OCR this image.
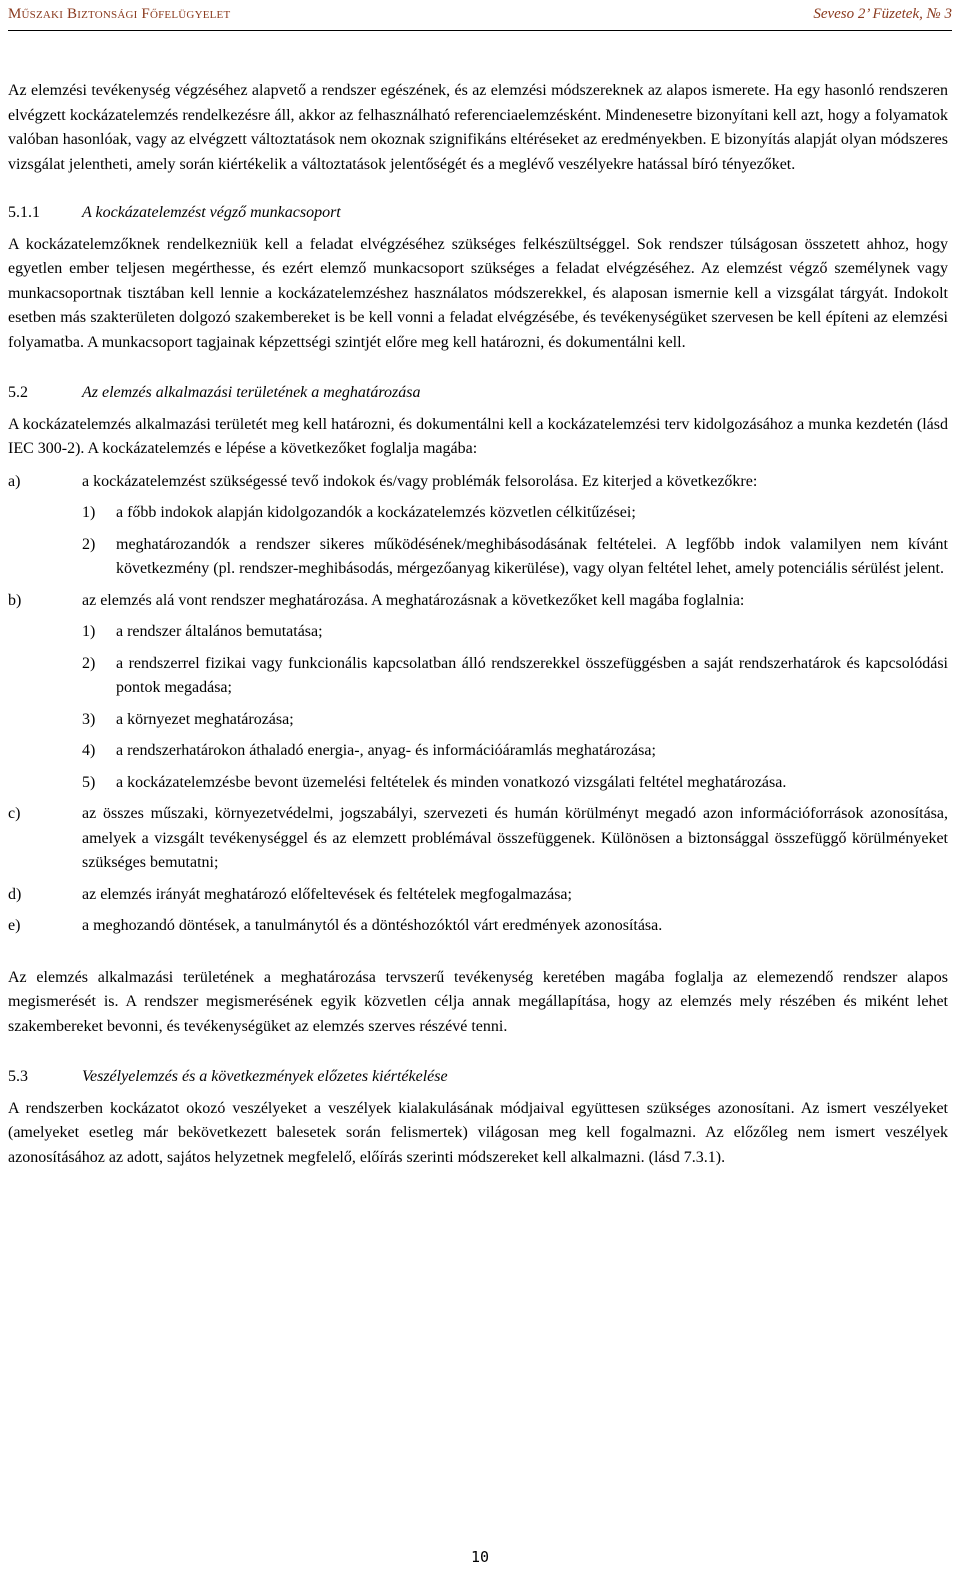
Műszaki Biztonsági Főfelügyelet	Seveso 2’ Füzetek, № 3

Az elemzési tevékenység végzéséhez alapvető a rendszer egészének, és az elemzési módszereknek az alapos ismerete. Ha egy hasonló rendszeren elvégzett kockázatelemzés rendelkezésre áll, akkor az felhasználható referenciaelemzésként. Mindenesetre bizonyítani kell azt, hogy a folyamatok valóban hasonlóak, vagy az elvégzett változtatások nem okoznak szignifikáns eltéréseket az eredményekben. E bizonyítás alapját olyan módszeres vizsgálat jelentheti, amely során kiértékelik a változtatások jelentőségét és a meglévő veszélyekre hatással bíró tényezőket.

5.1.1	A kockázatelemzést végző munkacsoport

A kockázatelemzőknek rendelkezniük kell a feladat elvégzéséhez szükséges felkészültséggel. Sok rendszer túlságosan összetett ahhoz, hogy egyetlen ember teljesen megérthesse, és ezért elemző munkacsoport szükséges a feladat elvégzéséhez. Az elemzést végző személynek vagy munkacsoportnak tisztában kell lennie a kockázatelemzéshez használatos módszerekkel, és alaposan ismernie kell a vizsgálat tárgyát. Indokolt esetben más szakterületen dolgozó szakembereket is be kell vonni a feladat elvégzésébe, és tevékenységüket szervesen be kell építeni az elemzési folyamatba. A munkacsoport tagjainak képzettségi szintjét előre meg kell határozni, és dokumentálni kell.

5.2	Az elemzés alkalmazási területének a meghatározása

A kockázatelemzés alkalmazási területét meg kell határozni, és dokumentálni kell a kockázatelemzési terv kidolgozásához a munka kezdetén (lásd IEC 300-2). A kockázatelemzés e lépése a következőket foglalja magába:

a)	a kockázatelemzést szükségessé tevő indokok és/vagy problémák felsorolása. Ez kiterjed a következőkre:
1)	a főbb indokok alapján kidolgozandók a kockázatelemzés közvetlen célkitűzései;
2)	meghatározandók a rendszer sikeres működésének/meghibásodásának feltételei. A legfőbb indok valamilyen nem kívánt következmény (pl. rendszer-meghibásodás, mérgezőanyag kikerülése), vagy olyan feltétel lehet, amely potenciális sérülést jelent.
b)	az elemzés alá vont rendszer meghatározása. A meghatározásnak a következőket kell magába foglalnia:
1)	a rendszer általános bemutatása;
2)	a rendszerrel fizikai vagy funkcionális kapcsolatban álló rendszerekkel összefüggésben a saját rendszerhatárok és kapcsolódási pontok megadása;
3)	a környezet meghatározása;
4)	a rendszerhatárokon áthaladó energia-, anyag- és információáramlás meghatározása;
5)	a kockázatelemzésbe bevont üzemelési feltételek és minden vonatkozó vizsgálati feltétel meghatározása.
c)	az összes műszaki, környezetvédelmi, jogszabályi, szervezeti és humán körülményt megadó azon információforrások azonosítása, amelyek a vizsgált tevékenységgel és az elemzett problémával összefüggenek. Különösen a biztonsággal összefüggő körülményeket szükséges bemutatni;
d)	az elemzés irányát meghatározó előfeltevések és feltételek megfogalmazása;
e)	a meghozandó döntések, a tanulmánytól és a döntéshozóktól várt eredmények azonosítása.

Az elemzés alkalmazási területének a meghatározása tervszerű tevékenység keretében magába foglalja az elemezendő rendszer alapos megismerését is. A rendszer megismerésének egyik közvetlen célja annak megállapítása, hogy az elemzés mely részében és miként lehet szakembereket bevonni, és tevékenységüket az elemzés szerves részévé tenni.

5.3	Veszélyelemzés és a következmények előzetes kiértékelése

A rendszerben kockázatot okozó veszélyeket a veszélyek kialakulásának módjaival együttesen szükséges azonosítani. Az ismert veszélyeket (amelyeket esetleg már bekövetkezett balesetek során felismertek) világosan meg kell fogalmazni. Az előzőleg nem ismert veszélyek azonosításához az adott, sajátos helyzetnek megfelelő, előírás szerinti módszereket kell alkalmazni. (lásd 7.3.1).

10
